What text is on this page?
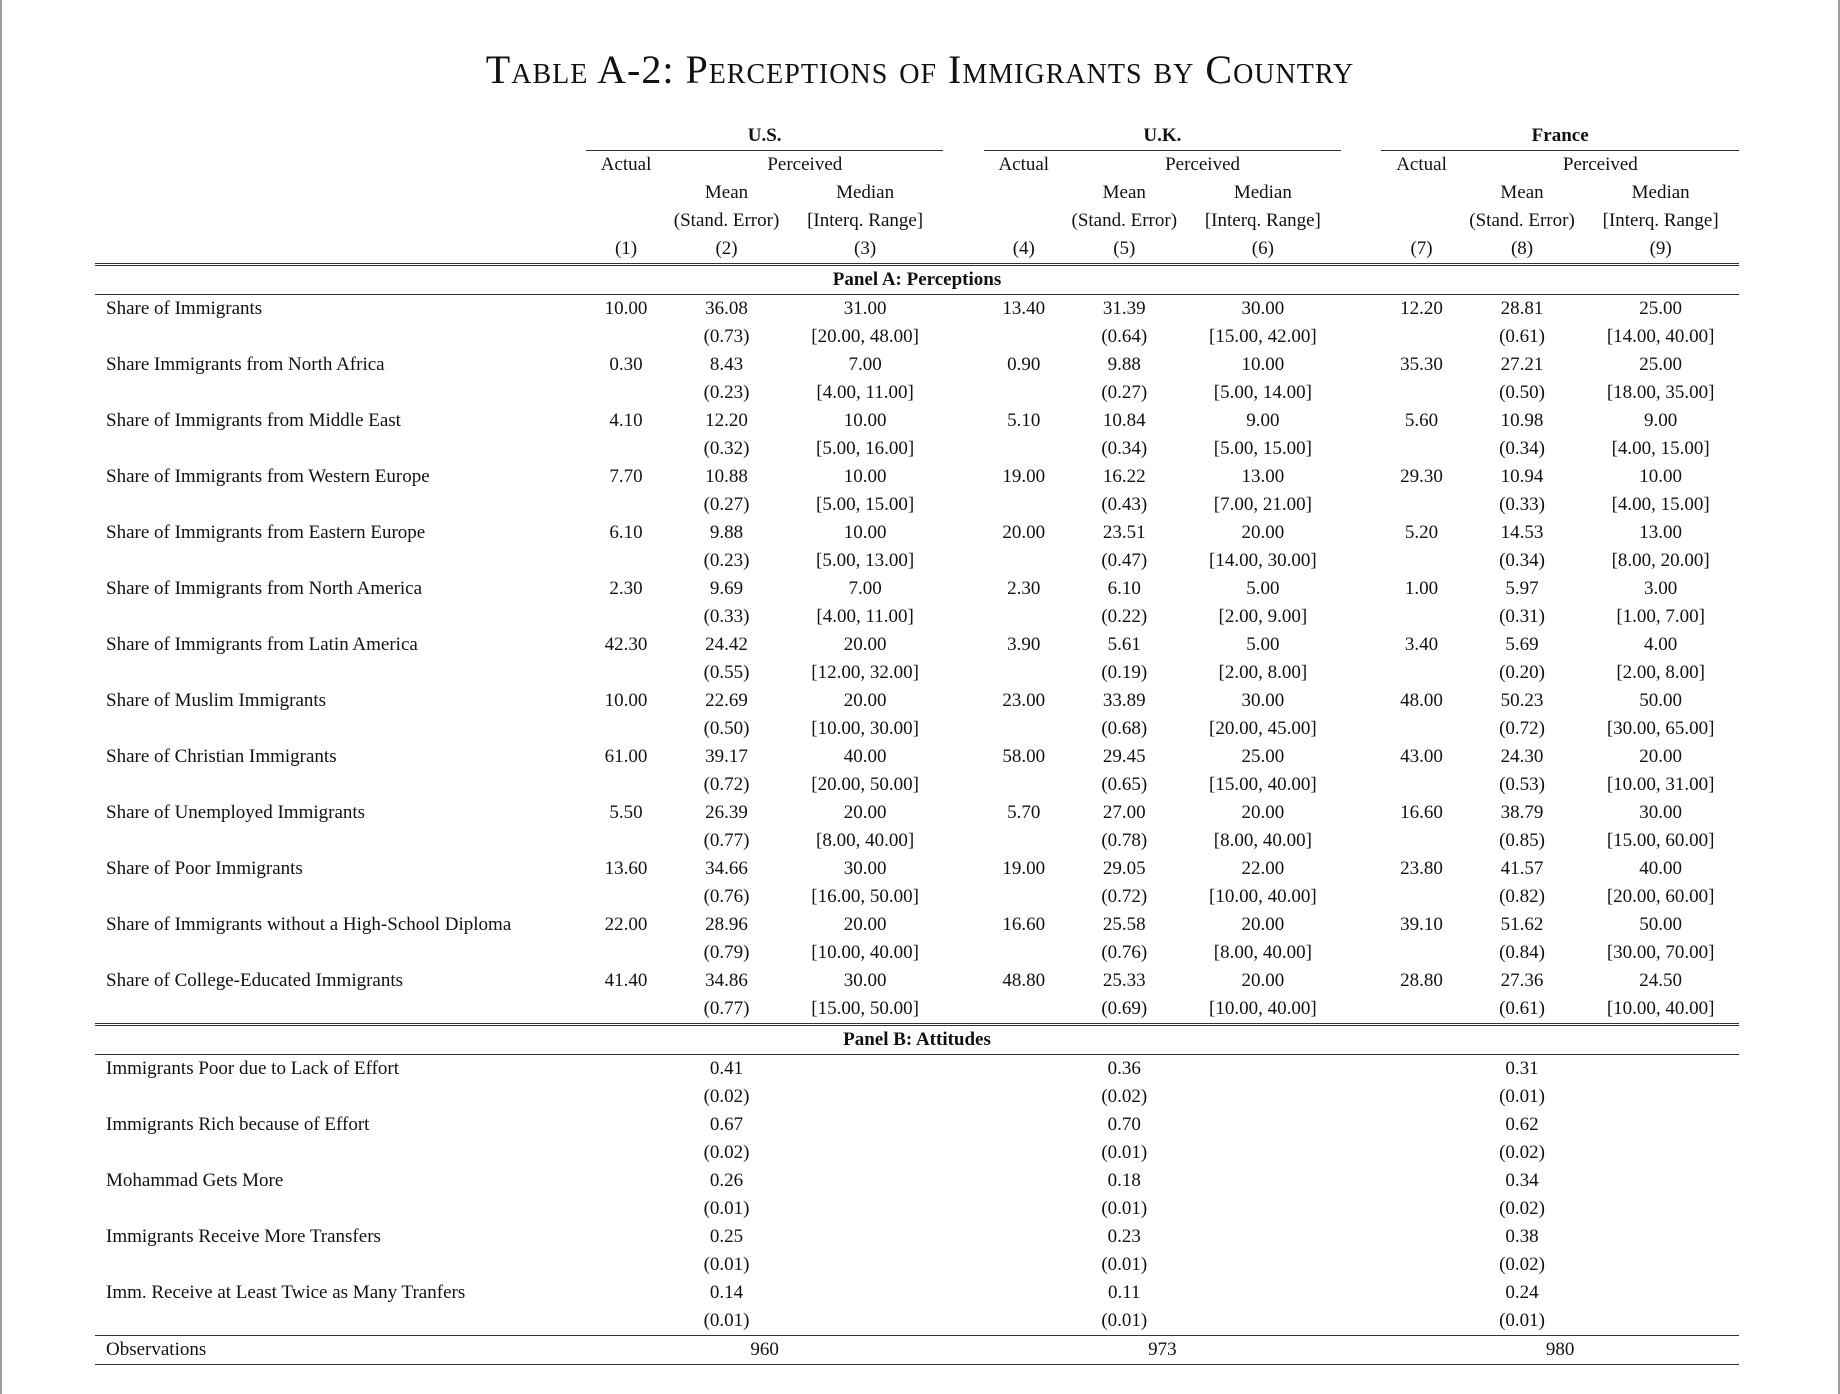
Table A-2: Perceptions of Immigrants by Country
	U.S.				U.K.				France		
	Actual	Perceived			Actual	Perceived			Actual	Perceived	
		Mean	Median			Mean	Median			Mean	Median
		(Stand. Error)	[Interq. Range]			(Stand. Error)	[Interq. Range]			(Stand. Error)	[Interq. Range]
	(1)	(2)	(3)		(4)	(5)	(6)		(7)	(8)	(9)
Panel A: Perceptions											
Share of Immigrants	10.00	36.08	31.00		13.40	31.39	30.00		12.20	28.81	25.00
		(0.73)	[20.00, 48.00]			(0.64)	[15.00, 42.00]			(0.61)	[14.00, 40.00]
Share Immigrants from North Africa	0.30	8.43	7.00		0.90	9.88	10.00		35.30	27.21	25.00
		(0.23)	[4.00, 11.00]			(0.27)	[5.00, 14.00]			(0.50)	[18.00, 35.00]
Share of Immigrants from Middle East	4.10	12.20	10.00		5.10	10.84	9.00		5.60	10.98	9.00
		(0.32)	[5.00, 16.00]			(0.34)	[5.00, 15.00]			(0.34)	[4.00, 15.00]
Share of Immigrants from Western Europe	7.70	10.88	10.00		19.00	16.22	13.00		29.30	10.94	10.00
		(0.27)	[5.00, 15.00]			(0.43)	[7.00, 21.00]			(0.33)	[4.00, 15.00]
Share of Immigrants from Eastern Europe	6.10	9.88	10.00		20.00	23.51	20.00		5.20	14.53	13.00
		(0.23)	[5.00, 13.00]			(0.47)	[14.00, 30.00]			(0.34)	[8.00, 20.00]
Share of Immigrants from North America	2.30	9.69	7.00		2.30	6.10	5.00		1.00	5.97	3.00
		(0.33)	[4.00, 11.00]			(0.22)	[2.00, 9.00]			(0.31)	[1.00, 7.00]
Share of Immigrants from Latin America	42.30	24.42	20.00		3.90	5.61	5.00		3.40	5.69	4.00
		(0.55)	[12.00, 32.00]			(0.19)	[2.00, 8.00]			(0.20)	[2.00, 8.00]
Share of Muslim Immigrants	10.00	22.69	20.00		23.00	33.89	30.00		48.00	50.23	50.00
		(0.50)	[10.00, 30.00]			(0.68)	[20.00, 45.00]			(0.72)	[30.00, 65.00]
Share of Christian Immigrants	61.00	39.17	40.00		58.00	29.45	25.00		43.00	24.30	20.00
		(0.72)	[20.00, 50.00]			(0.65)	[15.00, 40.00]			(0.53)	[10.00, 31.00]
Share of Unemployed Immigrants	5.50	26.39	20.00		5.70	27.00	20.00		16.60	38.79	30.00
		(0.77)	[8.00, 40.00]			(0.78)	[8.00, 40.00]			(0.85)	[15.00, 60.00]
Share of Poor Immigrants	13.60	34.66	30.00		19.00	29.05	22.00		23.80	41.57	40.00
		(0.76)	[16.00, 50.00]			(0.72)	[10.00, 40.00]			(0.82)	[20.00, 60.00]
Share of Immigrants without a High-School Diploma	22.00	28.96	20.00		16.60	25.58	20.00		39.10	51.62	50.00
		(0.79)	[10.00, 40.00]			(0.76)	[8.00, 40.00]			(0.84)	[30.00, 70.00]
Share of College-Educated Immigrants	41.40	34.86	30.00		48.80	25.33	20.00		28.80	27.36	24.50
		(0.77)	[15.00, 50.00]			(0.69)	[10.00, 40.00]			(0.61)	[10.00, 40.00]
Panel B: Attitudes											
Immigrants Poor due to Lack of Effort		0.41				0.36				0.31	
		(0.02)				(0.02)				(0.01)	
Immigrants Rich because of Effort		0.67				0.70				0.62	
		(0.02)				(0.01)				(0.02)	
Mohammad Gets More		0.26				0.18				0.34	
		(0.01)				(0.01)				(0.02)	
Immigrants Receive More Transfers		0.25				0.23				0.38	
		(0.01)				(0.01)				(0.02)	
Imm. Receive at Least Twice as Many Tranfers		0.14				0.11				0.24	
		(0.01)				(0.01)				(0.01)	
Observations	960				973				980		
